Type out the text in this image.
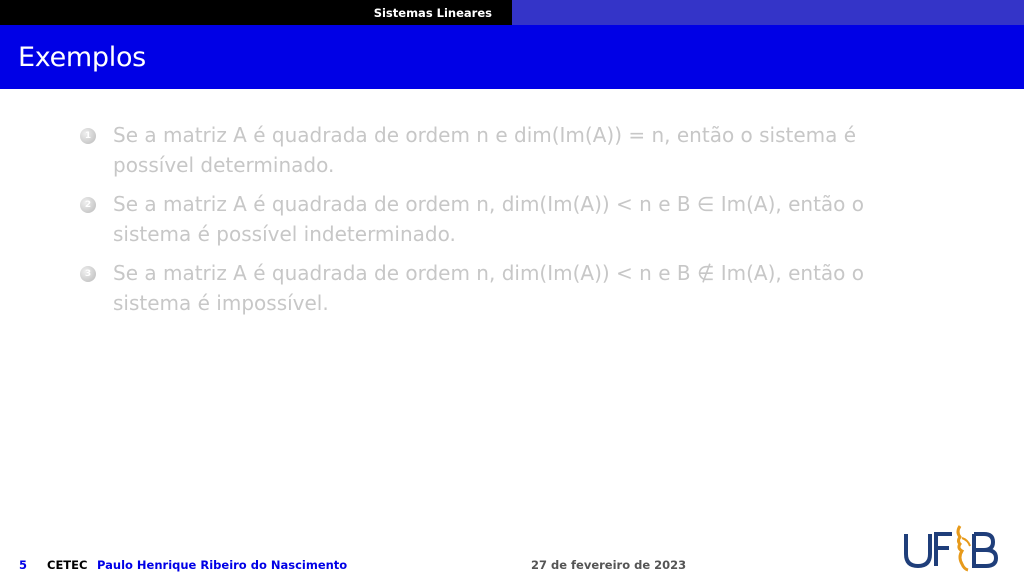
Sistemas Lineares
Exemplos
1 Se a matriz A é quadrada de ordem n e dim(Im(A)) = n, então o sistema é possível determinado.
2 Se a matriz A é quadrada de ordem n, dim(Im(A)) < n e B ∈ Im(A), então o sistema é possível indeterminado.
3 Se a matriz A é quadrada de ordem n, dim(Im(A)) < n e B ∉ Im(A), então o sistema é impossível.
5 CETEC Paulo Henrique Ribeiro do Nascimento	27 de fevereiro de 2023
